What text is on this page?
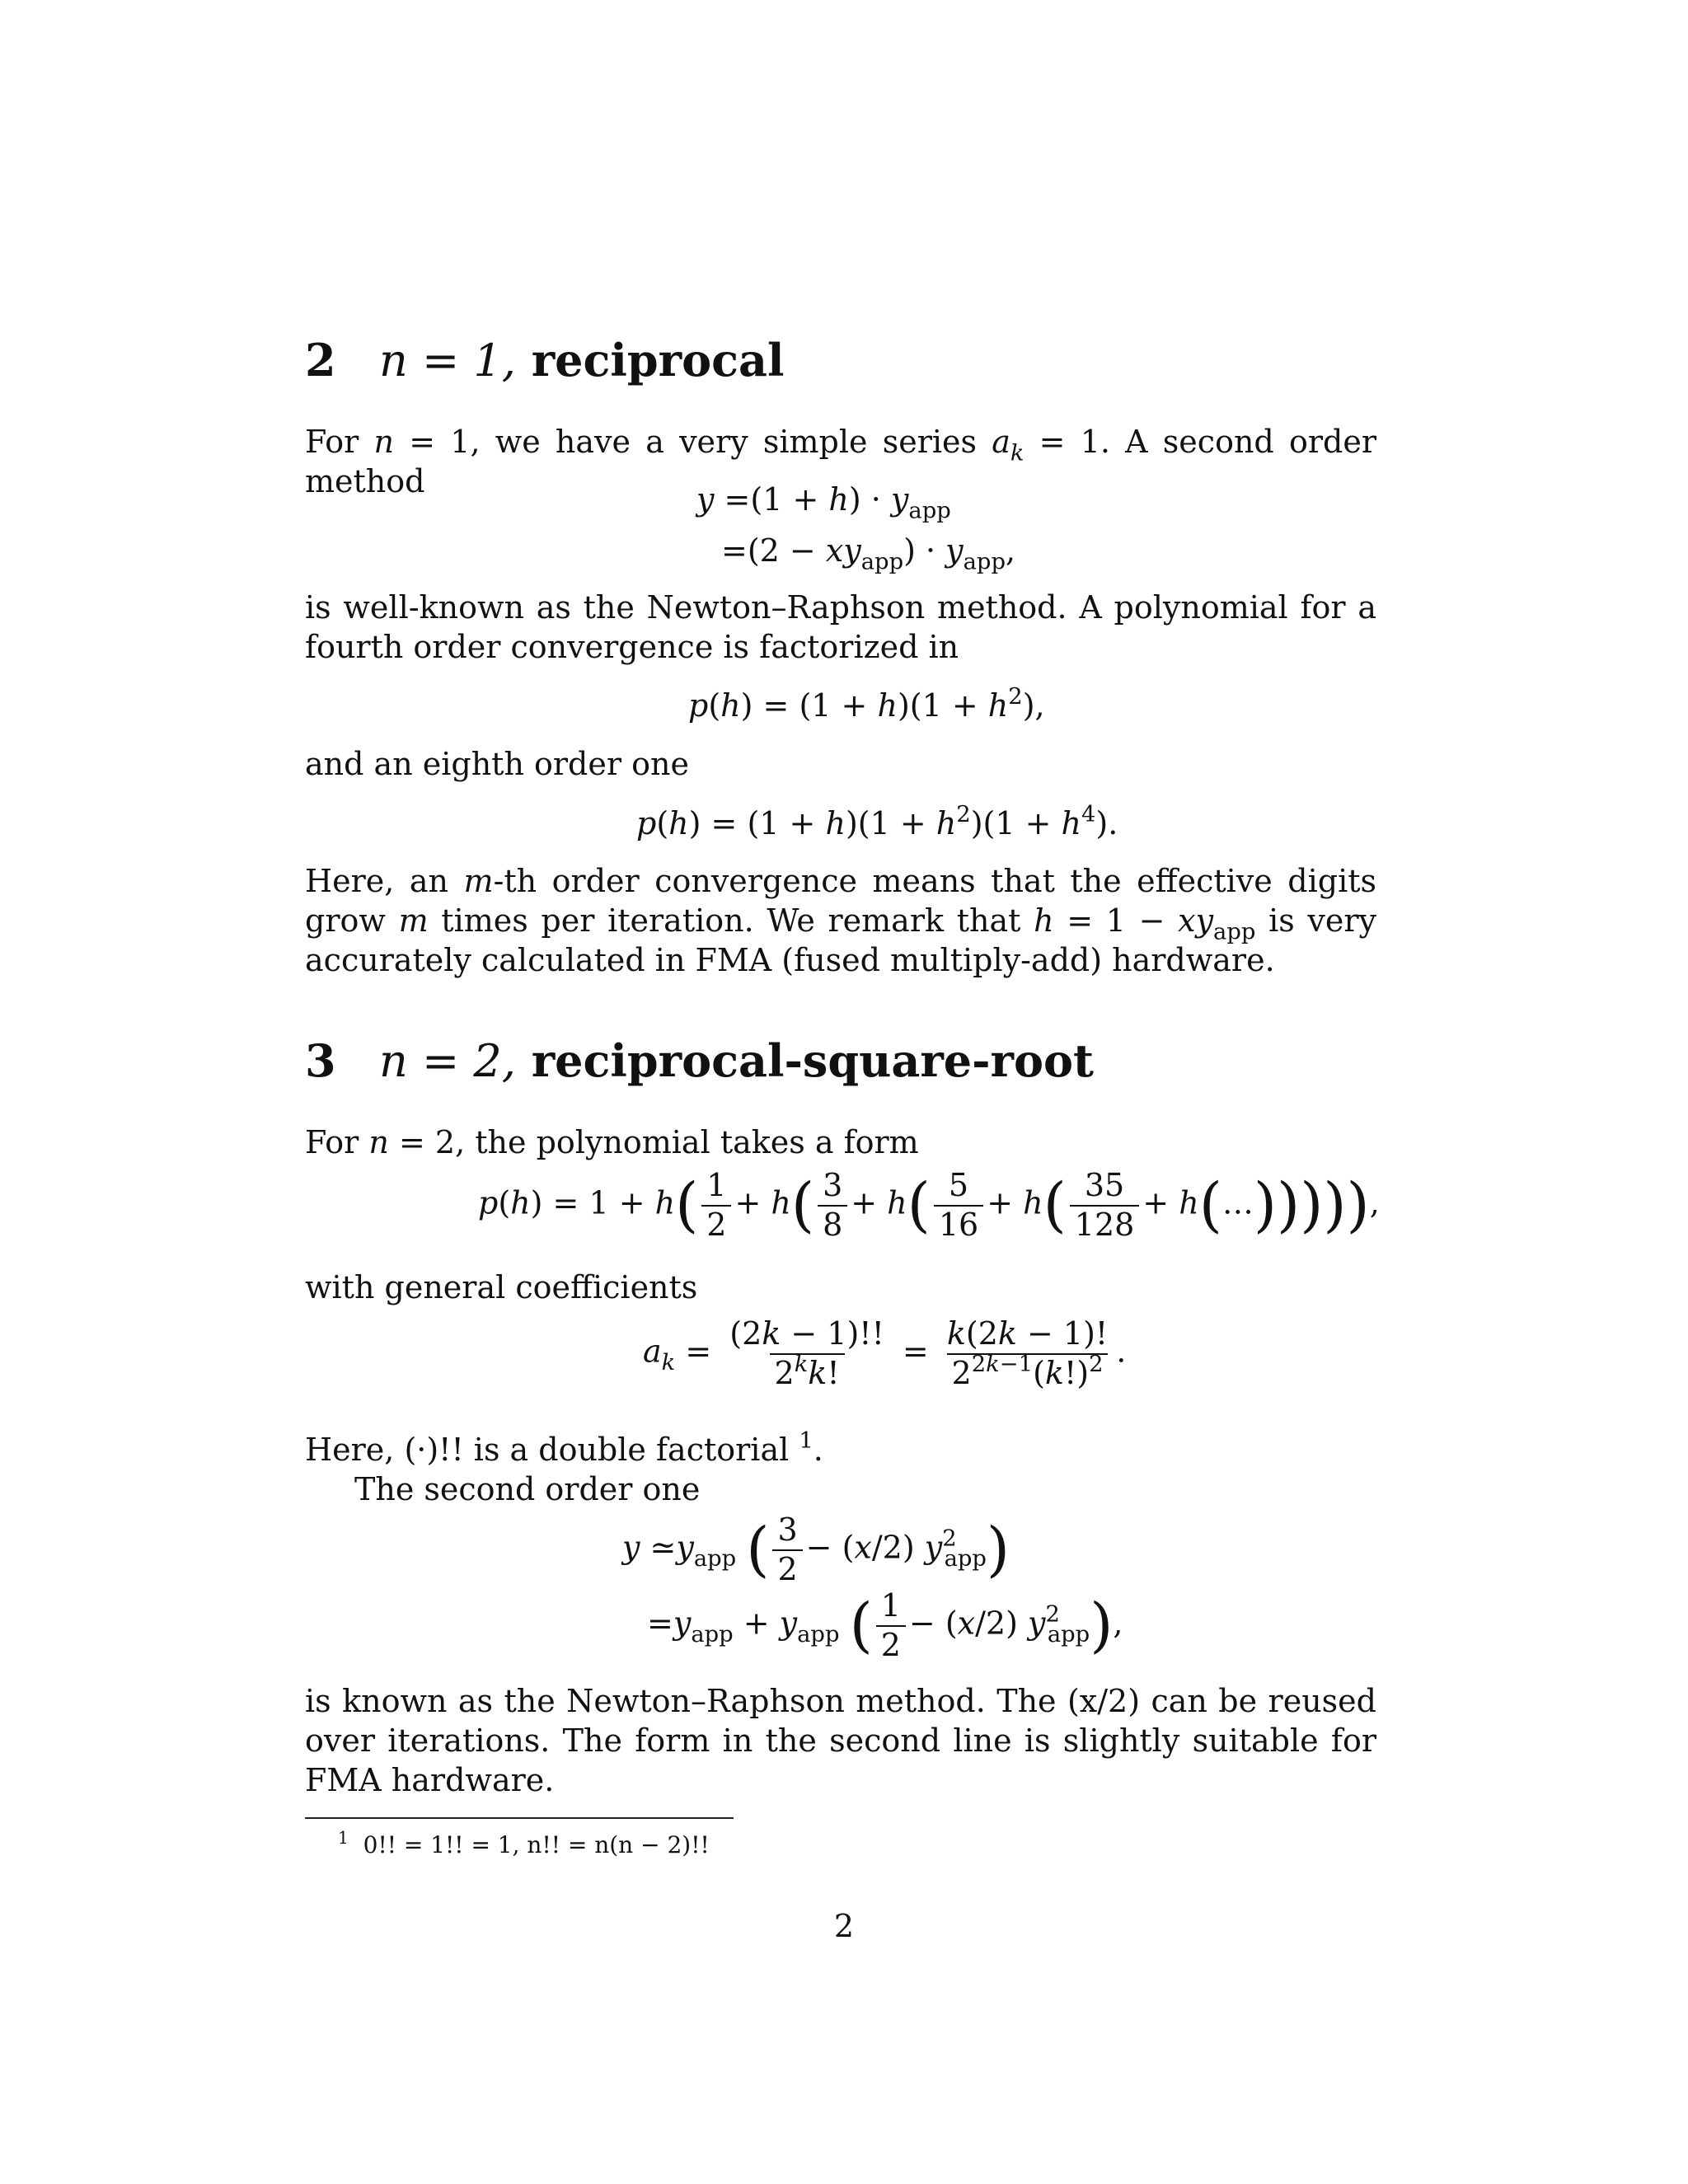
2 n = 1, reciprocal
For n = 1, we have a very simple series $a_k = 1$. A second order method	$y =(1 + h) \cdot y_{app}$
$=(2 - xy_{app}) \cdot y_{app}$,
is well-known as the Newton–Raphson method. A polynomial for a fourth order convergence is factorized in
$p(h) = (1 + h)(1 + h^2)$,
and an eighth order one
$p(h) = (1 + h)(1 + h^2)(1 + h^4)$.
Here, an m-th order convergence means that the effective digits grow m times per iteration. We remark that $h = 1 - xy_{app}$ is very accurately calculated in FMA (fused multiply-add) hardware.
3 n = 2, reciprocal-square-root
For n = 2, the polynomial takes a form
$p(h) = 1 + h( \frac{1}{2} + h( \frac{3}{8} + h( \frac{5}{16} + h( \frac{35}{128}$ + h(…))))),
with general coefficients
$a_k = \frac{(2k - 1)!!}{2^kk!} = \frac{k(2k - 1)!}{2^{2k-1}(k!)^2}$ .
Here, (·)!! is a double factorial $^1$.
The second order one
y $≃y_{app}$ ( $\frac{3}{2} - (x/2)$ $y^2_{app}$)
$=y_{app} + y_{app}$ ( $\frac{1}{2} - (x/2)$ $y^2_{app}$),
is known as the Newton–Raphson method. The (x/2) can be reused over iterations. The form in the second line is slightly suitable for FMA hardware.
$^1$ 0!! = 1!! = 1, n!! = n(n − 2)!!
2
